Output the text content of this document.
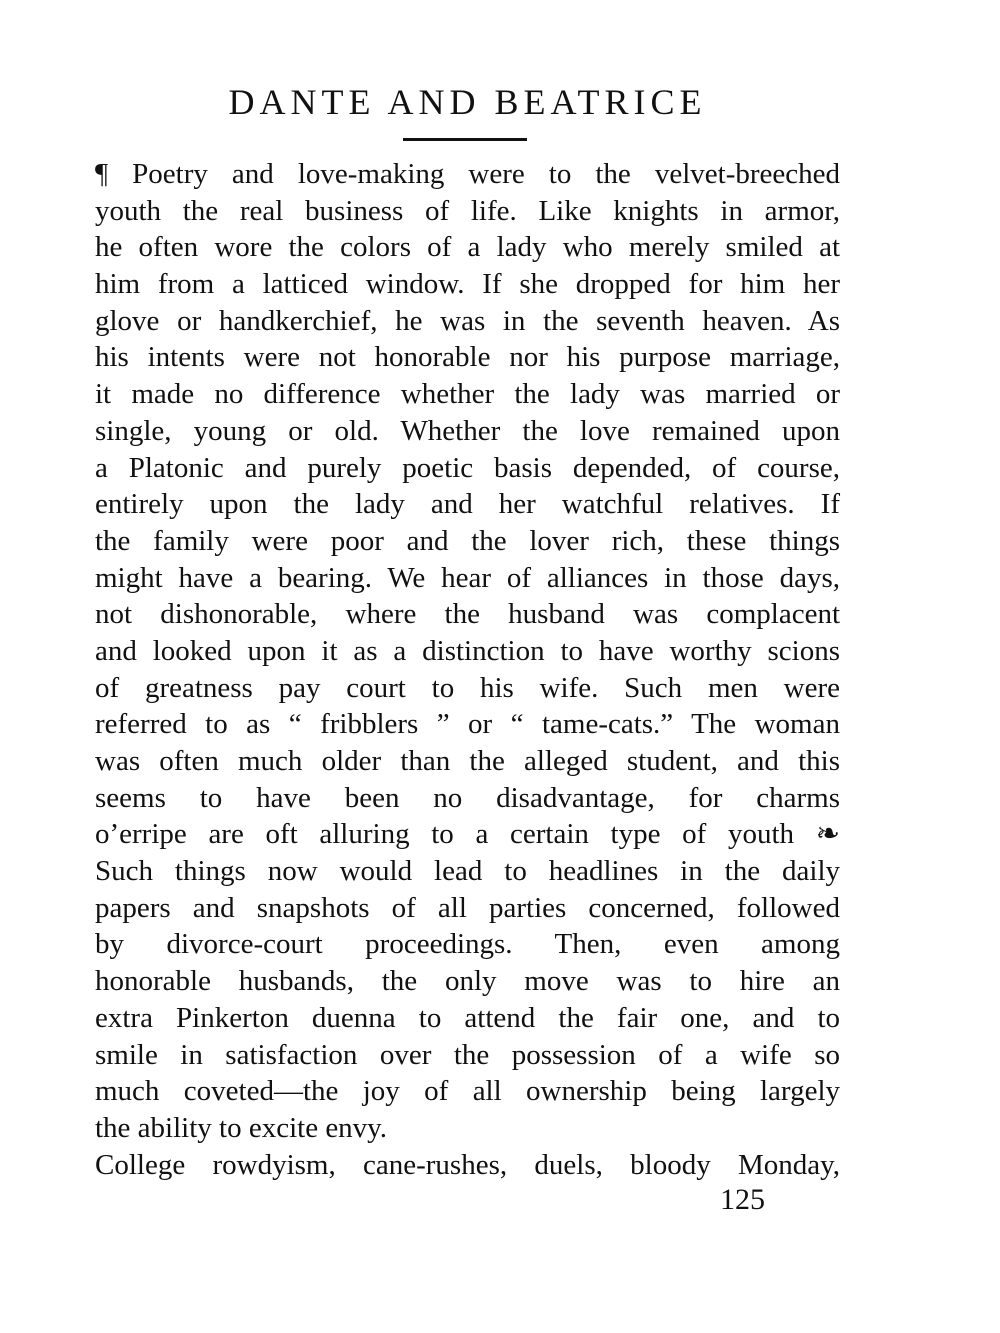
DANTE AND BEATRICE
¶ Poetry and love-making were to the velvet-breeched
youth the real business of life. Like knights in armor,
he often wore the colors of a lady who merely smiled at
him from a latticed window. If she dropped for him her
glove or handkerchief, he was in the seventh heaven. As
his intents were not honorable nor his purpose marriage,
it made no difference whether the lady was married or
single, young or old. Whether the love remained upon
a Platonic and purely poetic basis depended, of course,
entirely upon the lady and her watchful relatives. If
the family were poor and the lover rich, these things
might have a bearing. We hear of alliances in those days,
not dishonorable, where the husband was complacent
and looked upon it as a distinction to have worthy scions
of greatness pay court to his wife. Such men were
referred to as “ fribblers ” or “ tame-cats.” The woman
was often much older than the alleged student, and this
seems to have been no disadvantage, for charms
o’erripe are oft alluring to a certain type of youth ❧
Such things now would lead to headlines in the daily
papers and snapshots of all parties concerned, followed
by divorce-court proceedings. Then, even among
honorable husbands, the only move was to hire an
extra Pinkerton duenna to attend the fair one, and to
smile in satisfaction over the possession of a wife so
much coveted—the joy of all ownership being largely
the ability to excite envy.
College rowdyism, cane-rushes, duels, bloody Monday,
125
